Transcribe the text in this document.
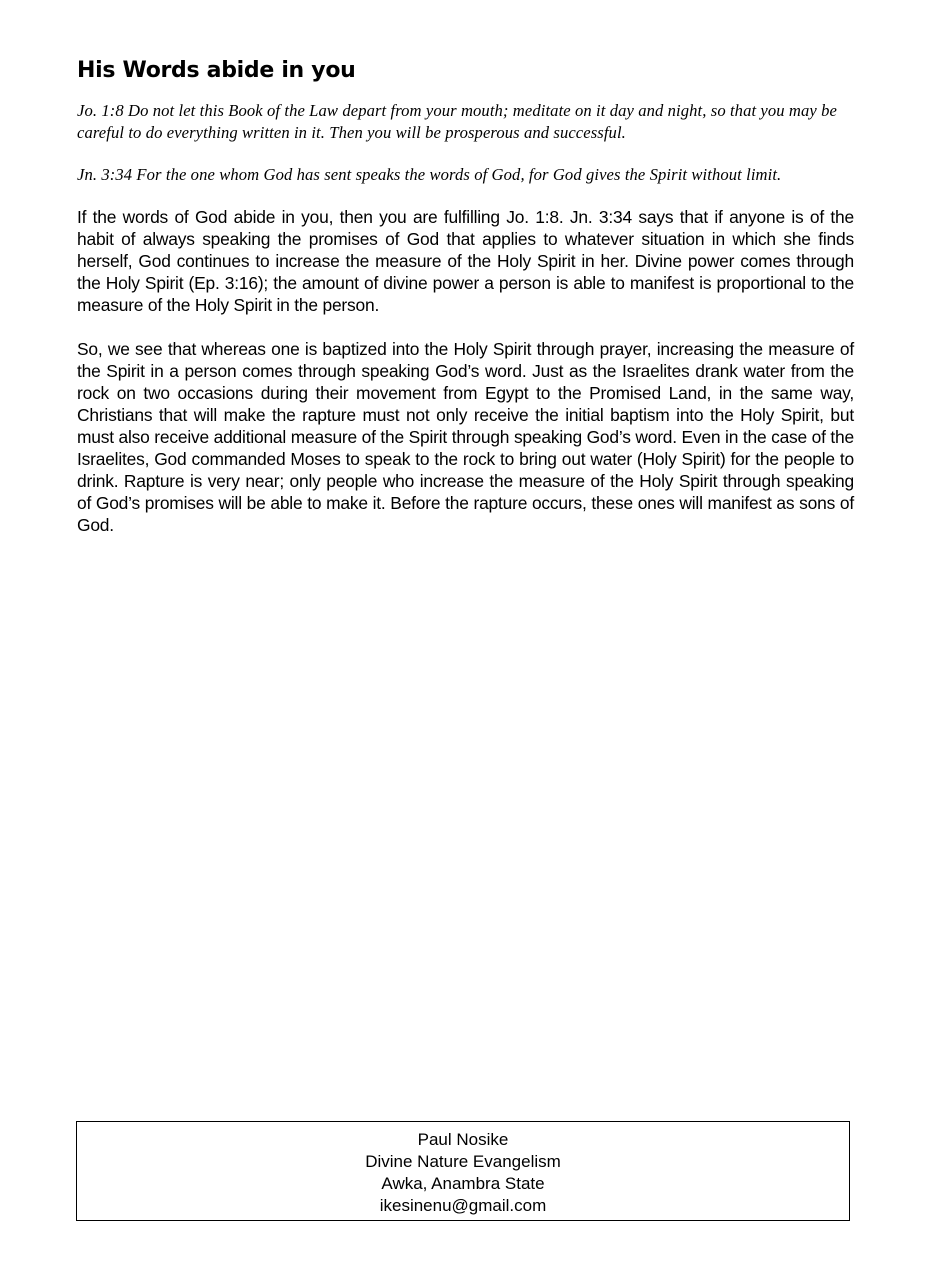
His Words abide in you

Jo. 1:8 Do not let this Book of the Law depart from your mouth; meditate on it day and night, so that you may be careful to do everything written in it. Then you will be prosperous and successful.

Jn. 3:34 For the one whom God has sent speaks the words of God, for God gives the Spirit without limit.

If the words of God abide in you, then you are fulfilling Jo. 1:8. Jn. 3:34 says that if anyone is of the habit of always speaking the promises of God that applies to whatever situation in which she finds herself, God continues to increase the measure of the Holy Spirit in her. Divine power comes through the Holy Spirit (Ep. 3:16); the amount of divine power a person is able to manifest is proportional to the measure of the Holy Spirit in the person.

So, we see that whereas one is baptized into the Holy Spirit through prayer, increasing the measure of the Spirit in a person comes through speaking God’s word. Just as the Israelites drank water from the rock on two occasions during their movement from Egypt to the Promised Land, in the same way, Christians that will make the rapture must not only receive the initial baptism into the Holy Spirit, but must also receive additional measure of the Spirit through speaking God’s word. Even in the case of the Israelites, God commanded Moses to speak to the rock to bring out water (Holy Spirit) for the people to drink. Rapture is very near; only people who increase the measure of the Holy Spirit through speaking of God’s promises will be able to make it. Before the rapture occurs, these ones will manifest as sons of God.

Paul Nosike
Divine Nature Evangelism
Awka, Anambra State
ikesinenu@gmail.com
